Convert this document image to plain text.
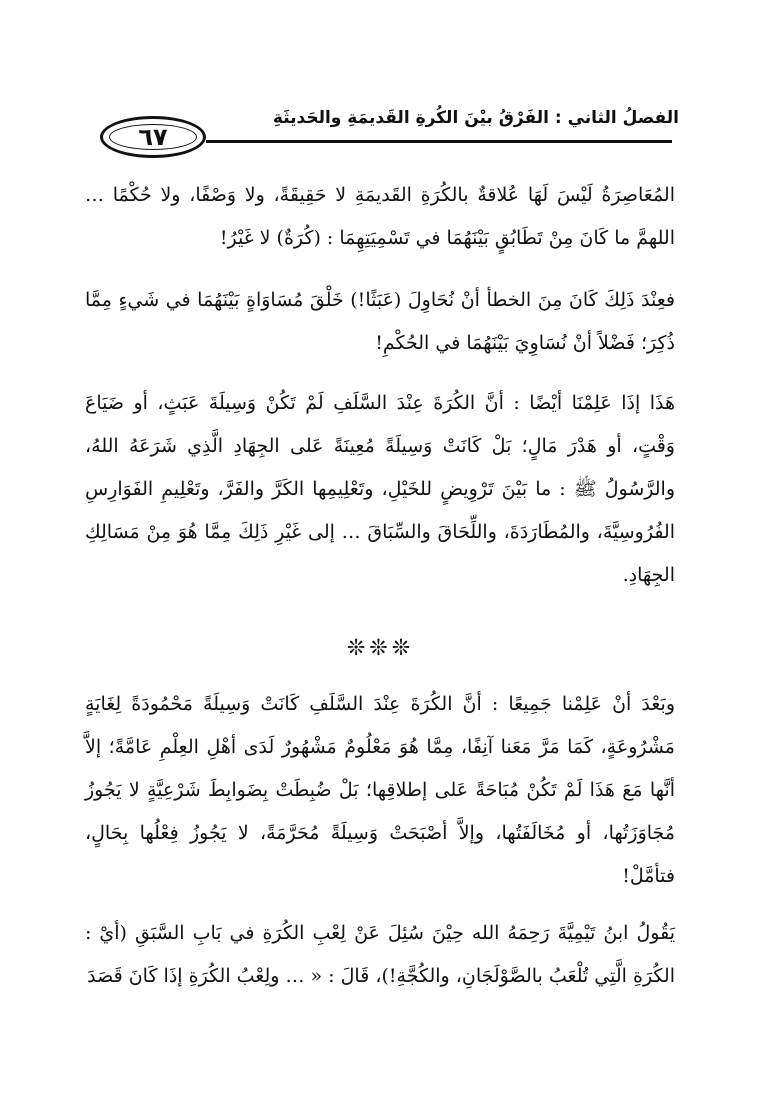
الفصلُ الثاني : الفَرْقُ بيْنَ الكُرةِ القَديمَةِ والحَديثَةِ
٦٧

المُعَاصِرَةُ لَيْسَ لَهَا عُلاقةٌ بالكُرَةِ القَديمَةِ لا حَقِيقَةً، ولا وَصْفًا، ولا حُكْمًا … اللهمَّ ما كَانَ مِنْ تَطَابُقٍ بَيْنَهُمَا في تَسْمِيَتِهِمَا : (كُرَةٌ) لا غَيْرُ!

فعِنْدَ ذَلِكَ كَانَ مِنَ الخطأ أنْ نُحَاوِلَ (عَبَثًا!) خَلْقَ مُسَاوَاةٍ بَيْنَهُمَا في شَيءٍ مِمَّا ذُكِرَ؛ فَضْلاً أنْ نُسَاوِيَ بَيْنَهُمَا في الحُكْمِ!

هَذَا إذَا عَلِمْنَا أيْضًا : أنَّ الكُرَةَ عِنْدَ السَّلَفِ لَمْ تَكُنْ وَسِيلَةَ عَبَثٍ، أو ضَيَاعَ وَقْتٍ، أو هَدْرَ مَالٍ؛ بَلْ كَانَتْ وَسِيلَةً مُعِينَةً عَلى الجِهَادِ الَّذِي شَرَعَهُ اللهُ، والرَّسُولُ ﷺ : ما بَيْنَ تَرْوِيضٍ للخَيْلِ، وتَعْلِيمِها الكَرَّ والفَرَّ، وتَعْلِيمِ الفَوَارِسِ الفُرُوسِيَّةَ، والمُطَارَدَةَ، واللِّحَاقَ والسِّبَاقَ … إلى غَيْرِ ذَلِكَ مِمَّا هُوَ مِنْ مَسَالِكِ الجِهَادِ.

❊❊❊

وبَعْدَ أنْ عَلِمْنا جَمِيعًا : أنَّ الكُرَةَ عِنْدَ السَّلَفِ كَانَتْ وَسِيلَةً مَحْمُودَةً لِغَايَةٍ مَشْرُوعَةٍ، كَمَا مَرَّ مَعَنا آنِفًا، مِمَّا هُوَ مَعْلُومٌ مَشْهُورٌ لَدَى أهْلِ العِلْمِ عَامَّةً؛ إلاَّ أنَّها مَعَ هَذَا لَمْ تَكُنْ مُبَاحَةً عَلى إطلاقِها؛ بَلْ ضُبِطَتْ بِضَوابِطَ شَرْعِيَّةٍ لا يَجُوزُ مُجَاوَزَتُها، أو مُخَالَفَتُها، وإلاَّ أصْبَحَتْ وَسِيلَةً مُحَرَّمَةً، لا يَجُوزُ فِعْلُها بِحَالٍ، فتأمَّلْ!

يَقُولُ ابنُ تَيْمِيَّةَ رَحِمَهُ الله حِيْنَ سُئِلَ عَنْ لِعْبِ الكُرَةِ في بَابِ السَّبَقِ (أيْ : الكُرَةِ الَّتِي تُلْعَبُ بالصَّوْلَجَانِ، والكُجَّةِ!)، قَالَ : « … ولِعْبُ الكُرَةِ إذَا كَانَ قَصَدَ
